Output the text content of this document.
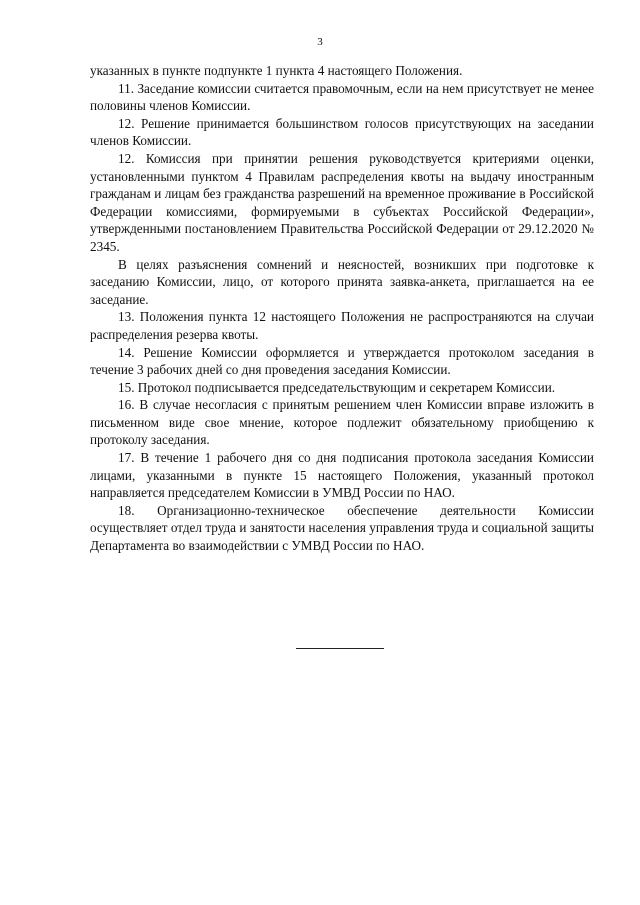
3

указанных в пункте подпункте 1 пункта 4 настоящего Положения.

11. Заседание комиссии считается правомочным, если на нем присутствует не менее половины членов Комиссии.

12. Решение принимается большинством голосов присутствующих на заседании членов Комиссии.

12. Комиссия при принятии решения руководствуется критериями оценки, установленными пунктом 4 Правилам распределения квоты на выдачу иностранным гражданам и лицам без гражданства разрешений на временное проживание в Российской Федерации комиссиями, формируемыми в субъектах Российской Федерации», утвержденными постановлением Правительства Российской Федерации от 29.12.2020 № 2345.

В целях разъяснения сомнений и неясностей, возникших при подготовке к заседанию Комиссии, лицо, от которого принята заявка-анкета, приглашается на ее заседание.

13. Положения пункта 12 настоящего Положения не распространяются на случаи распределения резерва квоты.

14. Решение Комиссии оформляется и утверждается протоколом заседания в течение 3 рабочих дней со дня проведения заседания Комиссии.

15. Протокол подписывается председательствующим и секретарем Комиссии.

16. В случае несогласия с принятым решением член Комиссии вправе изложить в письменном виде свое мнение, которое подлежит обязательному приобщению к протоколу заседания.

17. В течение 1 рабочего дня со дня подписания протокола заседания Комиссии лицами, указанными в пункте 15 настоящего Положения, указанный протокол направляется председателем Комиссии в УМВД России по НАО.

18. Организационно-техническое обеспечение деятельности Комиссии осуществляет отдел труда и занятости населения управления труда и социальной защиты Департамента во взаимодействии с УМВД России по НАО.
